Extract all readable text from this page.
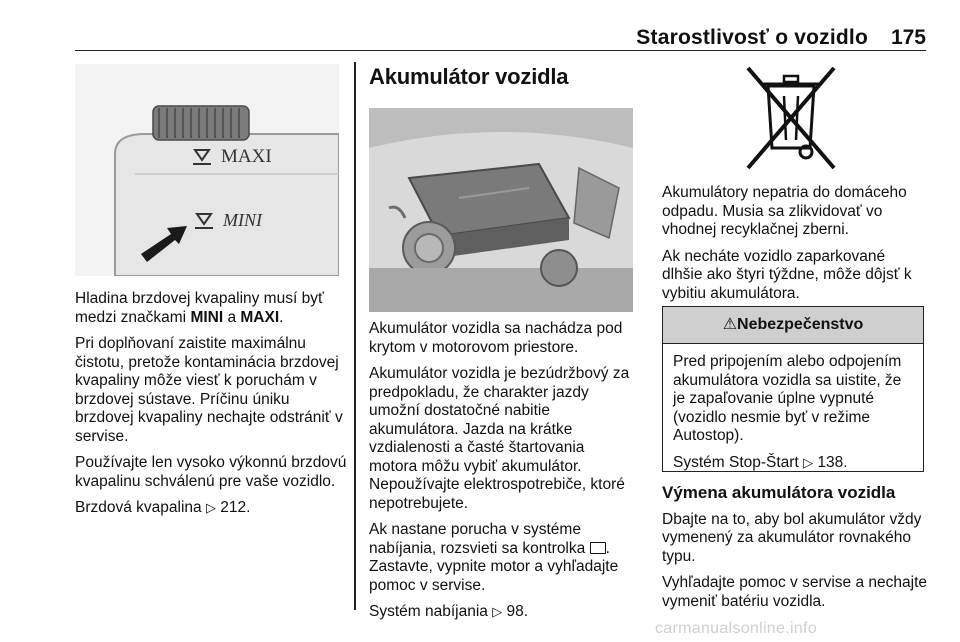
Starostlivosť o vozidlo 175
MAXI
MINI

Hladina brzdovej kvapaliny musí byť medzi značkami MINI a MAXI.

Pri doplňovaní zaistite maximálnu čistotu, pretože kontaminácia brzdovej kvapaliny môže viesť k poruchám v brzdovej sústave. Príčinu úniku brzdovej kvapaliny nechajte odstrániť v servise.

Používajte len vysoko výkonnú brzdovú kvapalinu schválenú pre vaše vozidlo.

Brzdová kvapalina ▷ 212.

Akumulátor vozidla

Akumulátor vozidla sa nachádza pod krytom v motorovom priestore.

Akumulátor vozidla je bezúdržbový za predpokladu, že charakter jazdy umožní dostatočné nabitie akumulátora. Jazda na krátke vzdialenosti a časté štartovania motora môžu vybiť akumulátor. Nepoužívajte elektrospotrebiče, ktoré nepotrebujete.

Ak nastane porucha v systéme nabíjania, rozsvieti sa kontrolka . Zastavte, vypnite motor a vyhľadajte pomoc v servise.

Systém nabíjania ▷ 98.

Akumulátory nepatria do domáceho odpadu. Musia sa zlikvidovať vo vhodnej recyklačnej zberni.

Ak necháte vozidlo zaparkované dlhšie ako štyri týždne, môže dôjsť k vybitiu akumulátora.

⚠Nebezpečenstvo

Pred pripojením alebo odpojením akumulátora vozidla sa uistite, že je zapaľovanie úplne vypnuté (vozidlo nesmie byť v režime Autostop).

Systém Stop-Štart ▷ 138.

Výmena akumulátora vozidla

Dbajte na to, aby bol akumulátor vždy vymenený za akumulátor rovnakého typu.

Vyhľadajte pomoc v servise a nechajte vymeniť batériu vozidla.

carmanualsonline.info
